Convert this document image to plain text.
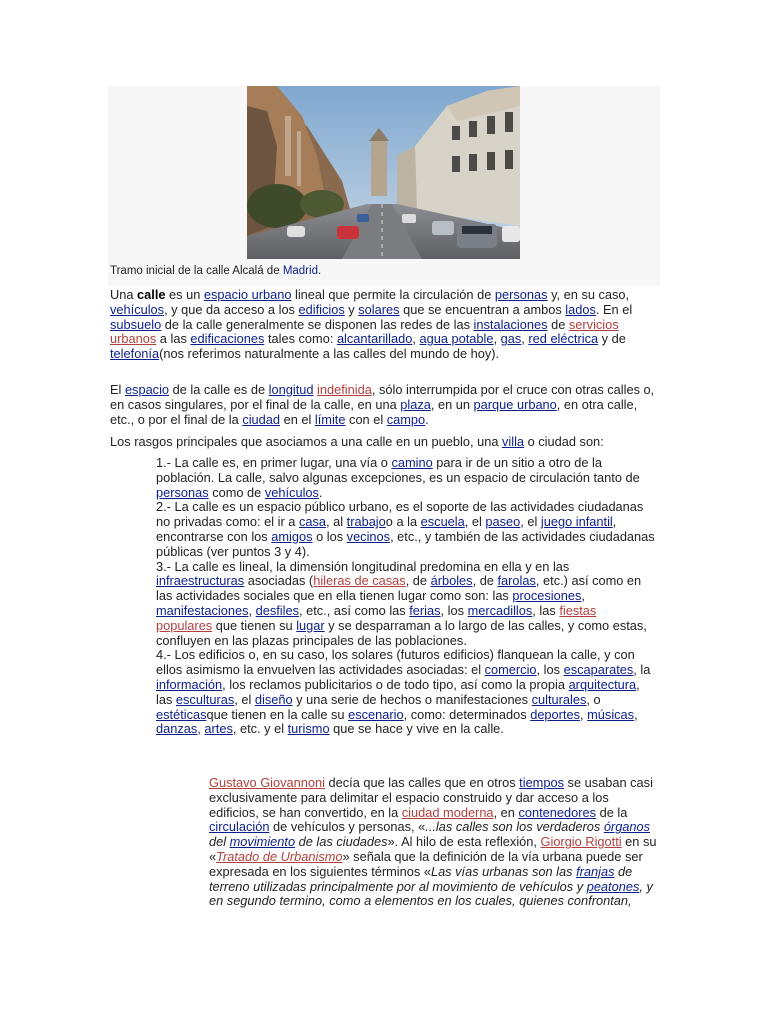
Tramo inicial de la calle Alcalá de Madrid.

Una calle es un espacio urbano lineal que permite la circulación de personas y, en su caso, vehículos, y que da acceso a los edificios y solares que se encuentran a ambos lados. En el subsuelo de la calle generalmente se disponen las redes de las instalaciones de servicios urbanos a las edificaciones tales como: alcantarillado, agua potable, gas, red eléctrica y de telefonía(nos referimos naturalmente a las calles del mundo de hoy).

El espacio de la calle es de longitud indefinida, sólo interrumpida por el cruce con otras calles o, en casos singulares, por el final de la calle, en una plaza, en un parque urbano, en otra calle, etc., o por el final de la ciudad en el límite con el campo.

Los rasgos principales que asociamos a una calle en un pueblo, una villa o ciudad son:

1.- La calle es, en primer lugar, una vía o camino para ir de un sitio a otro de la población. La calle, salvo algunas excepciones, es un espacio de circulación tanto de personas como de vehículos.

2.- La calle es un espacio público urbano, es el soporte de las actividades ciudadanas no privadas como: el ir a casa, al trabajoo a la escuela, el paseo, el juego infantil, encontrarse con los amigos o los vecinos, etc., y también de las actividades ciudadanas públicas (ver puntos 3 y 4).

3.- La calle es lineal, la dimensión longitudinal predomina en ella y en las infraestructuras asociadas (hileras de casas, de árboles, de farolas, etc.) así como en las actividades sociales que en ella tienen lugar como son: las procesiones, manifestaciones, desfiles, etc., así como las ferias, los mercadillos, las fiestas populares que tienen su lugar y se desparraman a lo largo de las calles, y como estas, confluyen en las plazas principales de las poblaciones.

4.- Los edificios o, en su caso, los solares (futuros edificios) flanquean la calle, y con ellos asimismo la envuelven las actividades asociadas: el comercio, los escaparates, la información, los reclamos publicitarios o de todo tipo, así como la propia arquitectura, las esculturas, el diseño y una serie de hechos o manifestaciones culturales, o estéticasque tienen en la calle su escenario, como: determinados deportes, músicas, danzas, artes, etc. y el turismo que se hace y vive en la calle.

Gustavo Giovannoni decía que las calles que en otros tiempos se usaban casi exclusivamente para delimitar el espacio construido y dar acceso a los edificios, se han convertido, en la ciudad moderna, en contenedores de la circulación de vehículos y personas, «...las calles son los verdaderos órganos del movimiento de las ciudades». Al hilo de esta reflexión, Giorgio Rigotti en su «Tratado de Urbanismo» señala que la definición de la vía urbana puede ser expresada en los siguientes términos «Las vías urbanas son las franjas de terreno utilizadas principalmente por al movimiento de vehículos y peatones, y en segundo termino, como a elementos en los cuales, quienes confrontan,
